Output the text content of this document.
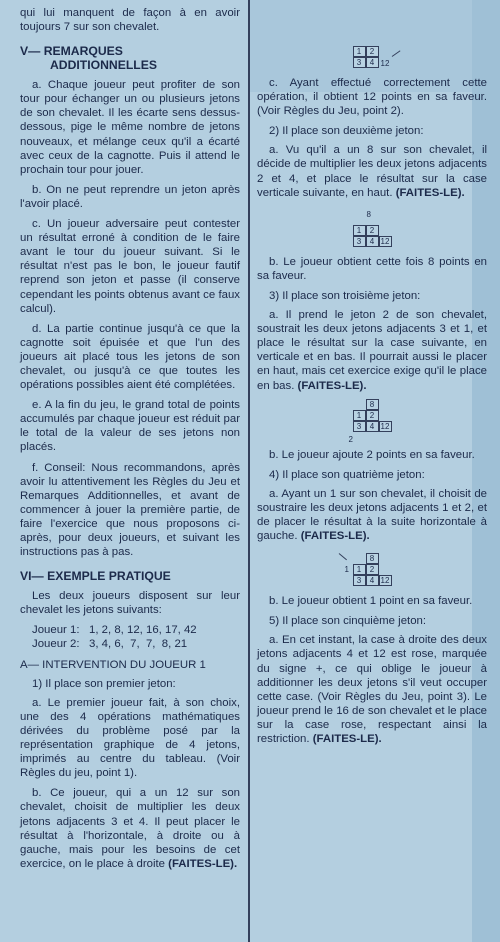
qui lui manquent de façon à en avoir toujours 7 sur son chevalet.

V— REMARQUES
ADDITIONNELLES

a. Chaque joueur peut profiter de son tour pour échanger un ou plusieurs jetons de son chevalet. Il les écarte sens dessus-dessous, pige le même nombre de jetons nouveaux, et mélange ceux qu'il a écarté avec ceux de la cagnotte. Puis il attend le prochain tour pour jouer.

b. On ne peut reprendre un jeton après l'avoir placé.

c. Un joueur adversaire peut contester un résultat erroné à condition de le faire avant le tour du joueur suivant. Si le résultat n'est pas le bon, le joueur fautif reprend son jeton et passe (il conserve cependant les points obtenus avant ce faux calcul).

d. La partie continue jusqu'à ce que la cagnotte soit épuisée et que l'un des joueurs ait placé tous les jetons de son chevalet, ou jusqu'à ce que toutes les opérations possibles aient été complétées.

e. A la fin du jeu, le grand total de points accumulés par chaque joueur est réduit par le total de la valeur de ses jetons non placés.

f. Conseil: Nous recommandons, après avoir lu attentivement les Règles du Jeu et Remarques Additionnelles, et avant de commencer à jouer la première partie, de faire l'exercice que nous proposons ci-après, pour deux joueurs, et suivant les instructions pas à pas.

VI— EXEMPLE PRATIQUE

Les deux joueurs disposent sur leur chevalet les jetons suivants:

Joueur 1:   1, 2, 8, 12, 16, 17, 42

Joueur 2:   3, 4, 6,  7,  7,  8, 21

A— INTERVENTION DU JOUEUR 1

1) Il place son premier jeton:

a. Le premier joueur fait, à son choix, une des 4 opérations mathématiques dérivées du problème posé par la représentation graphique de 4 jetons, imprimés au centre du tableau. (Voir Règles du jeu, point 1).

b. Ce joueur, qui a un 12 sur son chevalet, choisit de multiplier les deux jetons adjacents 3 et 4. Il peut placer le résultat à l'horizontale, à droite ou à gauche, mais pour les besoins de cet exercice, on le place à droite (FAITES-LE).

1	2
3	4 12

c. Ayant effectué correctement cette opération, il obtient 12 points en sa faveur. (Voir Règles du Jeu, point 2).

2) Il place son deuxième jeton:

a. Vu qu'il a un 8 sur son chevalet, il décide de multiplier les deux jetons adjacents 2 et 4, et place le résultat sur la case verticale suivante, en haut. (FAITES-LE).

1	2
3	4 12
8

b. Le joueur obtient cette fois 8 points en sa faveur.

3) Il place son troisième jeton:

a. Il prend le jeton 2 de son chevalet, soustrait les deux jetons adjacents 3 et 1, et place le résultat sur la case suivante, en verticale et en bas. Il pourrait aussi le placer en haut, mais cet exercice exige qu'il le place en bas. (FAITES-LE).

8
1	2
3	4 12
2

b. Le joueur ajoute 2 points en sa faveur.

4) Il place son quatrième jeton:

a. Ayant un 1 sur son chevalet, il choisit de soustraire les deux jetons adjacents 1 et 2, et de placer le résultat à la suite horizontale à gauche. (FAITES-LE).

8
1	2
3	4 12
1

b. Le joueur obtient 1 point en sa faveur.

5) Il place son cinquième jeton:

a. En cet instant, la case à droite des deux jetons adjacents 4 et 12 est rose, marquée du signe +, ce qui oblige le joueur à additionner les deux jetons s'il veut occuper cette case. (Voir Règles du Jeu, point 3). Le joueur prend le 16 de son chevalet et le place sur la case rose, respectant ainsi la restriction. (FAITES-LE).
